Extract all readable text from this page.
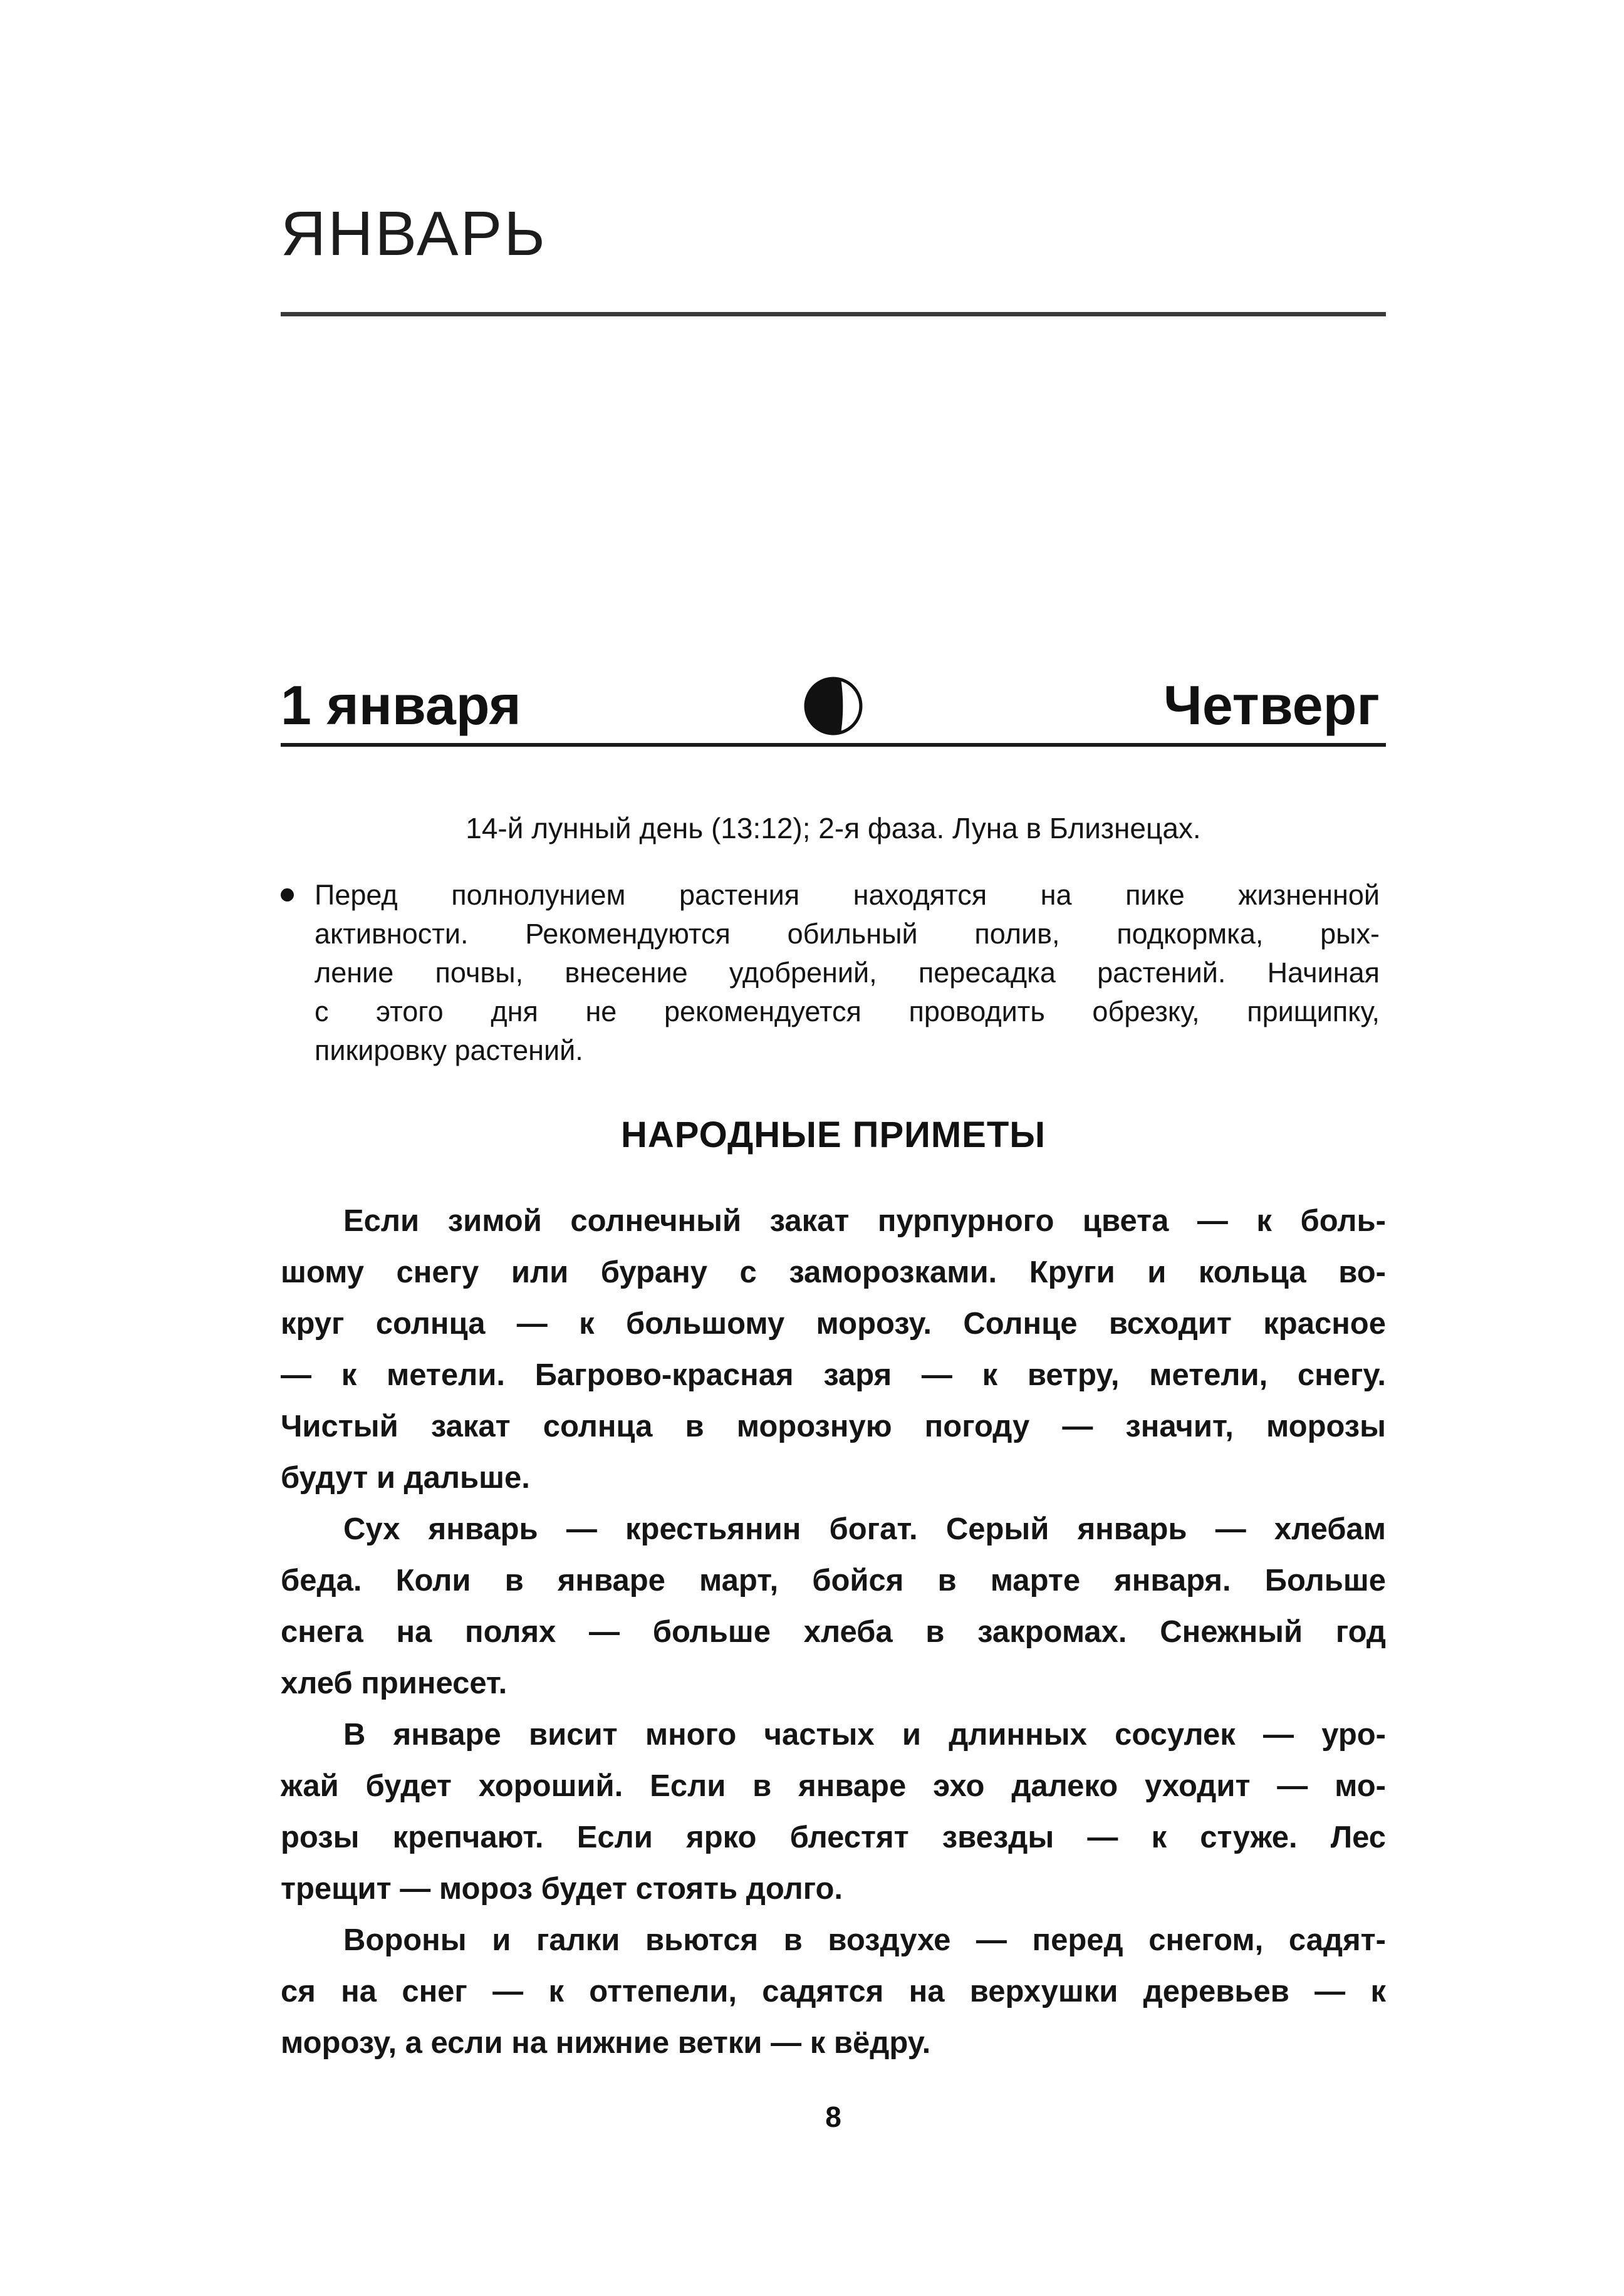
ЯНВАРЬ
1 января	Четверг
14-й лунный день (13:12); 2-я фаза. Луна в Близнецах.
Перед полнолунием растения находятся на пике жизненной
активности. Рекомендуются обильный полив, подкормка, рых-
ление почвы, внесение удобрений, пересадка растений. Начиная
с этого дня не рекомендуется проводить обрезку, прищипку,
пикировку растений.
НАРОДНЫЕ ПРИМЕТЫ
Если зимой солнечный закат пурпурного цвета — к боль-
шому снегу или бурану с заморозками. Круги и кольца во-
круг солнца — к большому морозу. Солнце всходит красное
— к метели. Багрово-красная заря — к ветру, метели, снегу.
Чистый закат солнца в морозную погоду — значит, морозы
будут и дальше.
Сух январь — крестьянин богат. Серый январь — хлебам
беда. Коли в январе март, бойся в марте января. Больше
снега на полях — больше хлеба в закромах. Снежный год
хлеб принесет.
В январе висит много частых и длинных сосулек — уро-
жай будет хороший. Если в январе эхо далеко уходит — мо-
розы крепчают. Если ярко блестят звезды — к стуже. Лес
трещит — мороз будет стоять долго.
Вороны и галки вьются в воздухе — перед снегом, садят-
ся на снег — к оттепели, садятся на верхушки деревьев — к
морозу, а если на нижние ветки — к вёдру.
8
